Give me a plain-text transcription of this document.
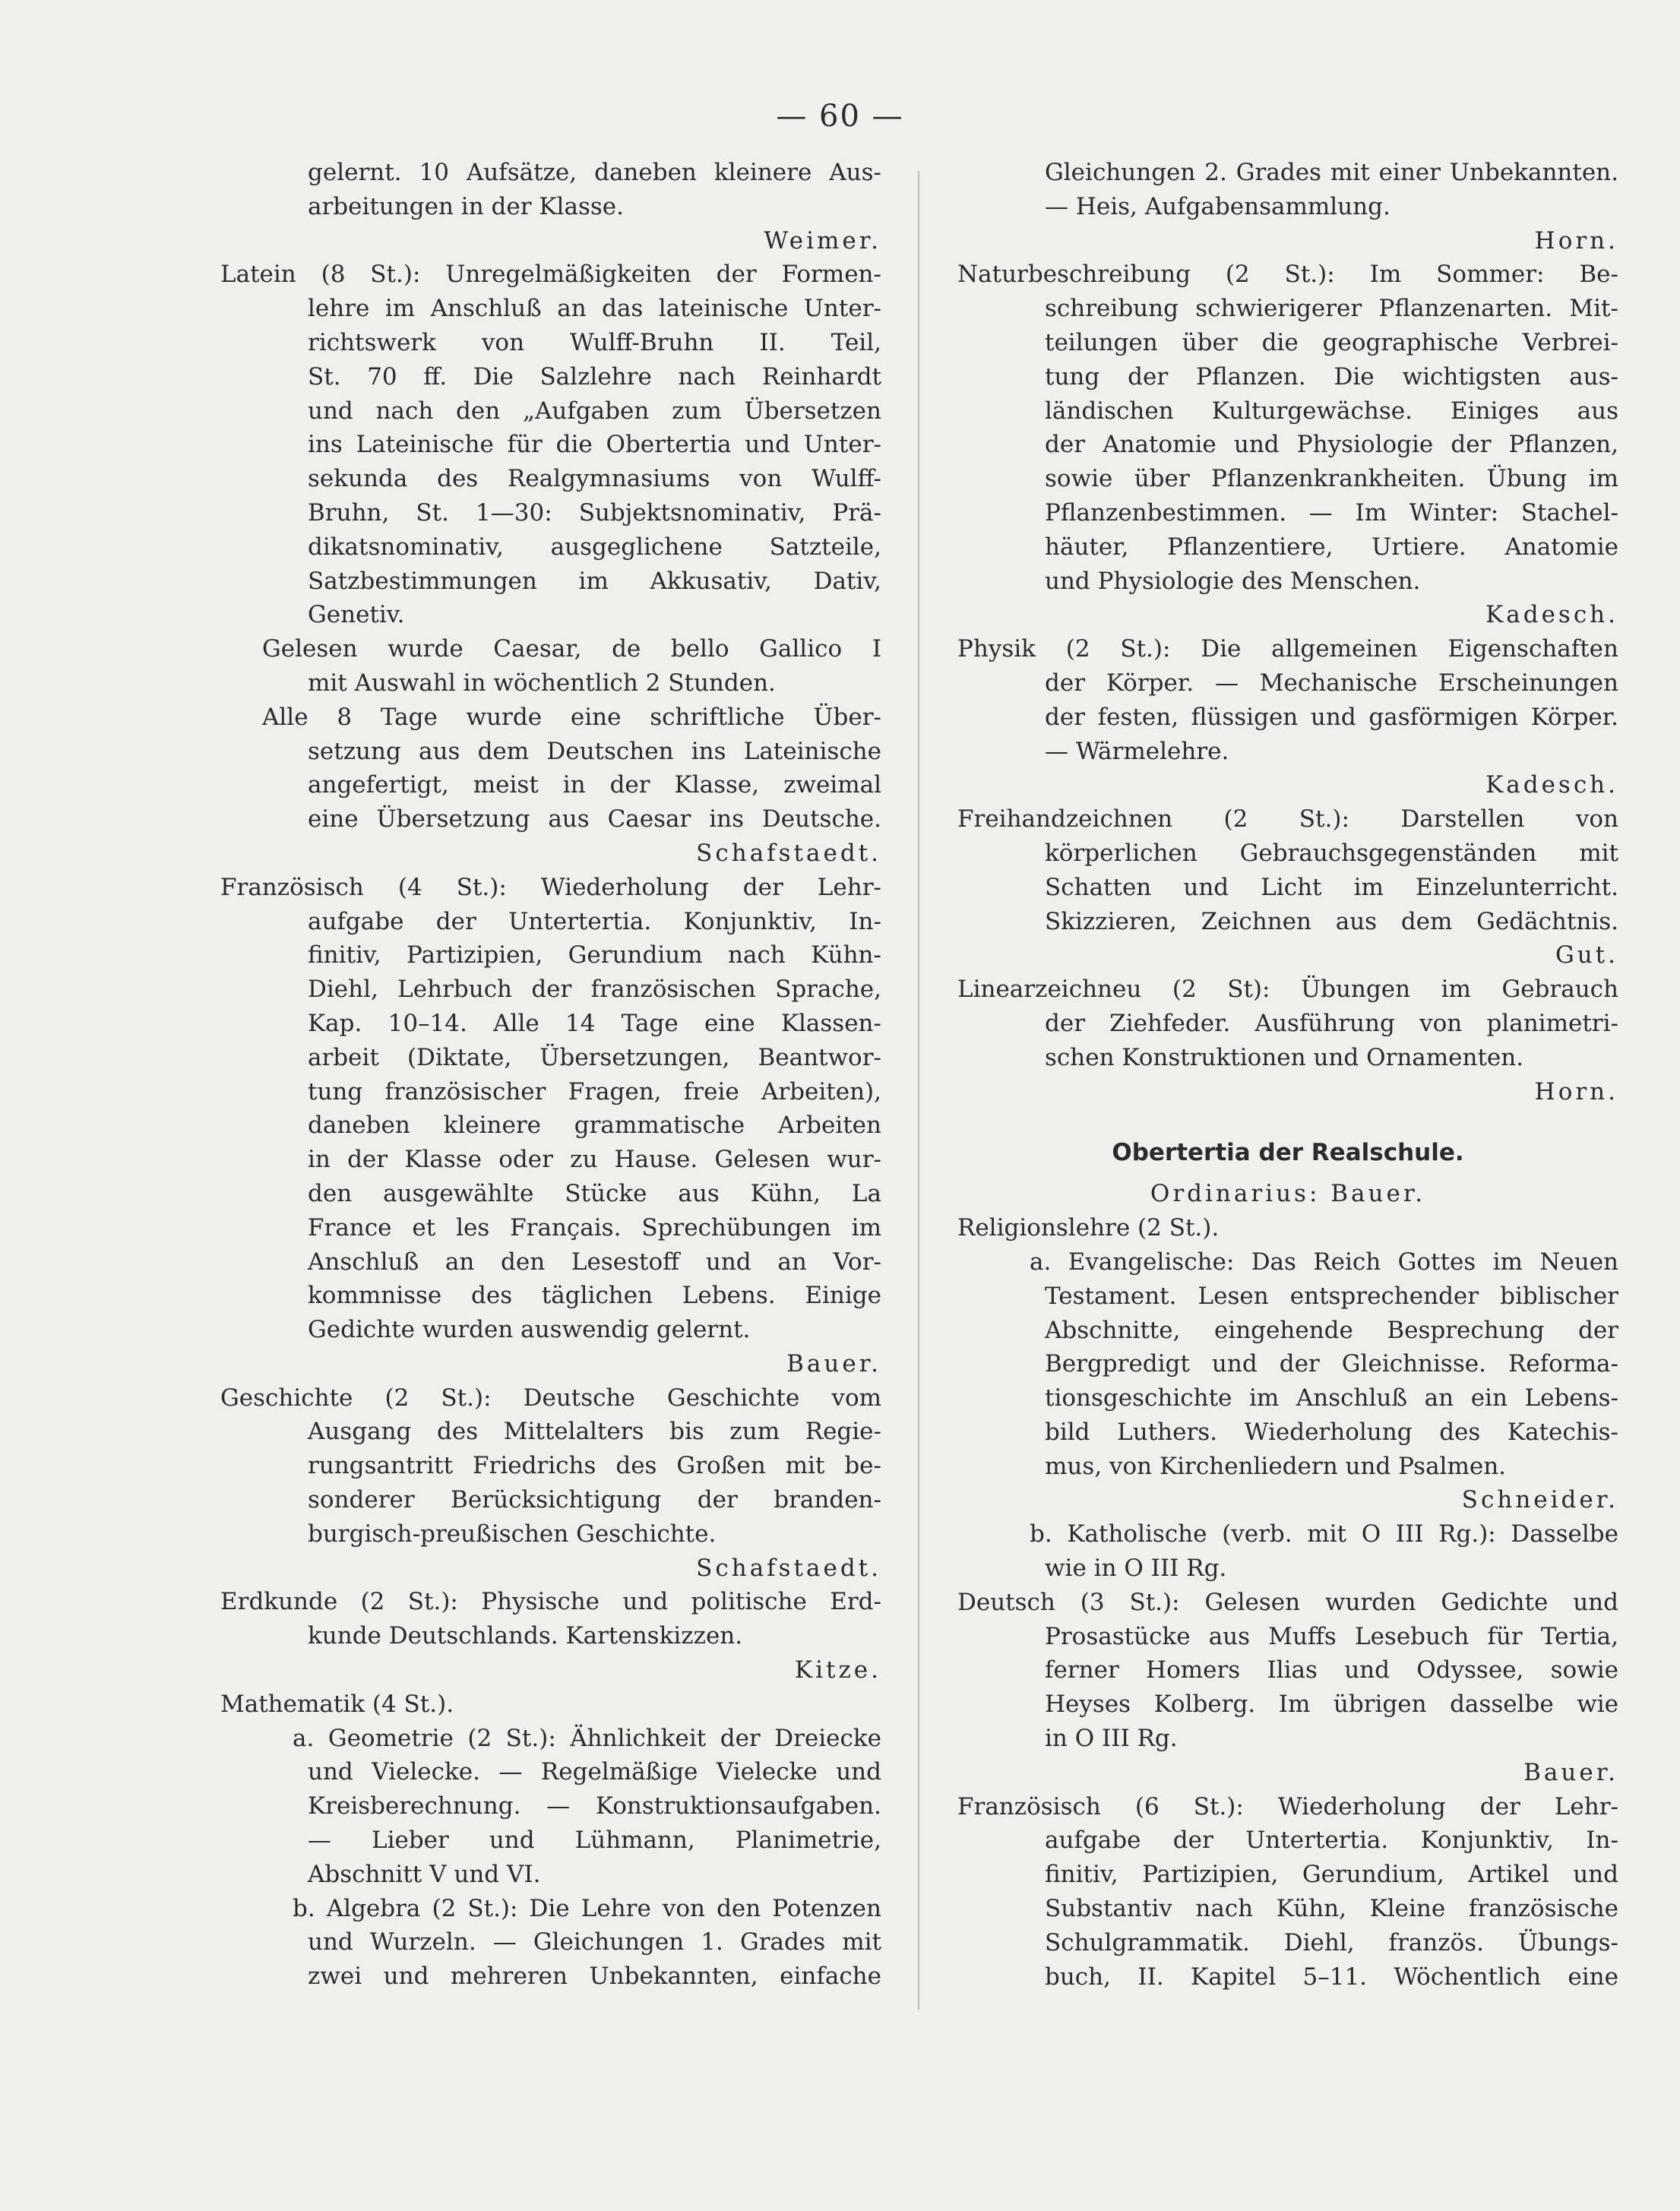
— 60 —
gelernt. 10 Aufsätze, daneben kleinere Aus-
arbeitungen in der Klasse.
Weimer.
Latein (8 St.): Unregelmäßigkeiten der Formen-
lehre im Anschluß an das lateinische Unter-
richtswerk von Wulff-Bruhn II. Teil,
St. 70 ff. Die Salzlehre nach Reinhardt
und nach den „Aufgaben zum Übersetzen
ins Lateinische für die Obertertia und Unter-
sekunda des Realgymnasiums von Wulff-
Bruhn, St. 1—30: Subjektsnominativ, Prä-
dikatsnominativ, ausgeglichene Satzteile,
Satzbestimmungen im Akkusativ, Dativ,
Genetiv.
Gelesen wurde Caesar, de bello Gallico I
mit Auswahl in wöchentlich 2 Stunden.
Alle 8 Tage wurde eine schriftliche Über-
setzung aus dem Deutschen ins Lateinische
angefertigt, meist in der Klasse, zweimal
eine Übersetzung aus Caesar ins Deutsche.
Schafstaedt.
Französisch (4 St.): Wiederholung der Lehr-
aufgabe der Untertertia. Konjunktiv, In-
finitiv, Partizipien, Gerundium nach Kühn-
Diehl, Lehrbuch der französischen Sprache,
Kap. 10–14. Alle 14 Tage eine Klassen-
arbeit (Diktate, Übersetzungen, Beantwor-
tung französischer Fragen, freie Arbeiten),
daneben kleinere grammatische Arbeiten
in der Klasse oder zu Hause. Gelesen wur-
den ausgewählte Stücke aus Kühn, La
France et les Français. Sprechübungen im
Anschluß an den Lesestoff und an Vor-
kommnisse des täglichen Lebens. Einige
Gedichte wurden auswendig gelernt.
Bauer.
Geschichte (2 St.): Deutsche Geschichte vom
Ausgang des Mittelalters bis zum Regie-
rungsantritt Friedrichs des Großen mit be-
sonderer Berücksichtigung der branden-
burgisch-preußischen Geschichte.
Schafstaedt.
Erdkunde (2 St.): Physische und politische Erd-
kunde Deutschlands. Kartenskizzen.
Kitze.
Mathematik (4 St.).
a. Geometrie (2 St.): Ähnlichkeit der Dreiecke
und Vielecke. — Regelmäßige Vielecke und
Kreisberechnung. — Konstruktionsaufgaben.
— Lieber und Lühmann, Planimetrie,
Abschnitt V und VI.
b. Algebra (2 St.): Die Lehre von den Potenzen
und Wurzeln. — Gleichungen 1. Grades mit
zwei und mehreren Unbekannten, einfache
Gleichungen 2. Grades mit einer Unbekannten.
— Heis, Aufgabensammlung.
Horn.
Naturbeschreibung (2 St.): Im Sommer: Be-
schreibung schwierigerer Pflanzenarten. Mit-
teilungen über die geographische Verbrei-
tung der Pflanzen. Die wichtigsten aus-
ländischen Kulturgewächse. Einiges aus
der Anatomie und Physiologie der Pflanzen,
sowie über Pflanzenkrankheiten. Übung im
Pflanzenbestimmen. — Im Winter: Stachel-
häuter, Pflanzentiere, Urtiere. Anatomie
und Physiologie des Menschen.
Kadesch.
Physik (2 St.): Die allgemeinen Eigenschaften
der Körper. — Mechanische Erscheinungen
der festen, flüssigen und gasförmigen Körper.
— Wärmelehre.
Kadesch.
Freihandzeichnen (2 St.): Darstellen von
körperlichen Gebrauchsgegenständen mit
Schatten und Licht im Einzelunterricht.
Skizzieren, Zeichnen aus dem Gedächtnis.
Gut.
Linearzeichneu (2 St): Übungen im Gebrauch
der Ziehfeder. Ausführung von planimetri-
schen Konstruktionen und Ornamenten.
Horn.
Obertertia der Realschule.
Ordinarius: Bauer.
Religionslehre (2 St.).
a. Evangelische: Das Reich Gottes im Neuen
Testament. Lesen entsprechender biblischer
Abschnitte, eingehende Besprechung der
Bergpredigt und der Gleichnisse. Reforma-
tionsgeschichte im Anschluß an ein Lebens-
bild Luthers. Wiederholung des Katechis-
mus, von Kirchenliedern und Psalmen.
Schneider.
b. Katholische (verb. mit O III Rg.): Dasselbe
wie in O III Rg.
Deutsch (3 St.): Gelesen wurden Gedichte und
Prosastücke aus Muffs Lesebuch für Tertia,
ferner Homers Ilias und Odyssee, sowie
Heyses Kolberg. Im übrigen dasselbe wie
in O III Rg.
Bauer.
Französisch (6 St.): Wiederholung der Lehr-
aufgabe der Untertertia. Konjunktiv, In-
finitiv, Partizipien, Gerundium, Artikel und
Substantiv nach Kühn, Kleine französische
Schulgrammatik. Diehl, französ. Übungs-
buch, II. Kapitel 5–11. Wöchentlich eine
